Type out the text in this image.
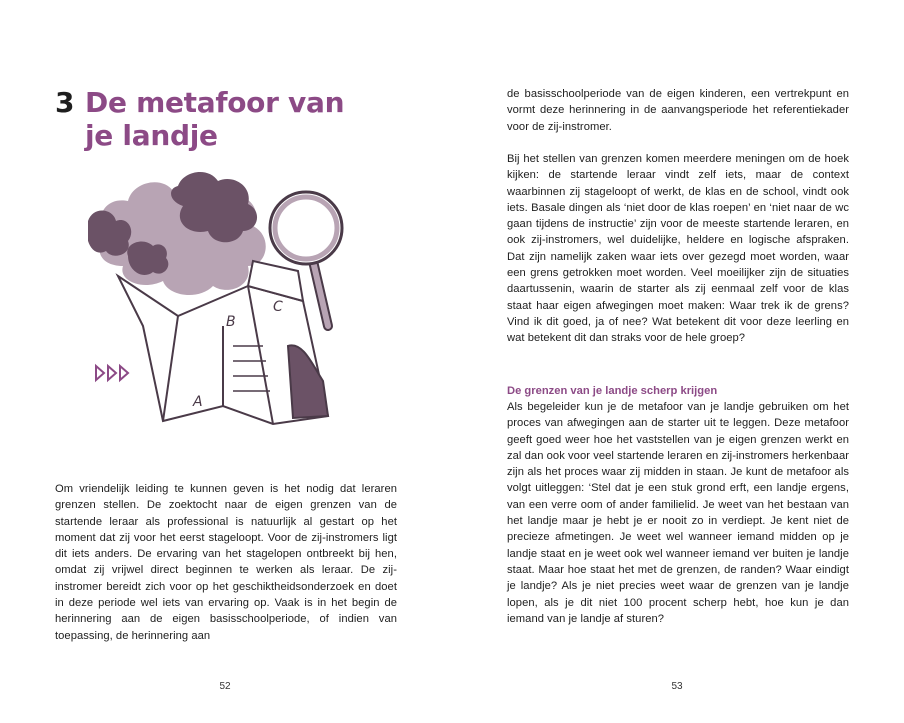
3 De metafoor van
je landje
B
C
A

Om vriendelijk leiding te kunnen geven is het nodig dat leraren grenzen stellen. De zoektocht naar de eigen grenzen van de startende leraar als professional is natuurlijk al gestart op het moment dat zij voor het eerst stageloopt. Voor de zij-instromers ligt dit iets anders. De ervaring van het stagelopen ontbreekt bij hen, omdat zij vrijwel direct beginnen te werken als leraar. De zij-instromer bereidt zich voor op het geschiktheidsonderzoek en doet in deze periode wel iets van ervaring op. Vaak is in het begin de herinnering aan de eigen basisschoolperiode, of indien van toepassing, de herinnering aan

52

de basisschoolperiode van de eigen kinderen, een vertrekpunt en vormt deze herinnering in de aanvangsperiode het referentiekader voor de zij-instromer.

Bij het stellen van grenzen komen meerdere meningen om de hoek kijken: de startende leraar vindt zelf iets, maar de context waarbinnen zij stageloopt of werkt, de klas en de school, vindt ook iets. Basale dingen als ‘niet door de klas roepen’ en ‘niet naar de wc gaan tijdens de instructie’ zijn voor de meeste startende leraren, en ook zij-instromers, wel duidelijke, heldere en logische afspraken. Dat zijn namelijk zaken waar iets over gezegd moet worden, waar een grens getrokken moet worden. Veel moeilijker zijn de situaties daartussenin, waarin de starter als zij eenmaal zelf voor de klas staat haar eigen afwegingen moet maken: Waar trek ik de grens? Vind ik dit goed, ja of nee? Wat betekent dit voor deze leerling en wat betekent dit dan straks voor de hele groep?

De grenzen van je landje scherp krijgen

Als begeleider kun je de metafoor van je landje gebruiken om het proces van afwegingen aan de starter uit te leggen. Deze metafoor geeft goed weer hoe het vaststellen van je eigen grenzen werkt en zal dan ook voor veel startende leraren en zij-instromers herkenbaar zijn als het proces waar zij midden in staan. Je kunt de metafoor als volgt uitleggen: ‘Stel dat je een stuk grond erft, een landje ergens, van een verre oom of ander familielid. Je weet van het bestaan van het landje maar je hebt je er nooit zo in verdiept. Je kent niet de precieze afmetingen. Je weet wel wanneer iemand midden op je landje staat en je weet ook wel wanneer iemand ver buiten je landje staat. Maar hoe staat het met de grenzen, de randen? Waar eindigt je landje? Als je niet precies weet waar de grenzen van je landje lopen, als je dit niet 100 procent scherp hebt, hoe kun je dan iemand van je landje af sturen?

53
